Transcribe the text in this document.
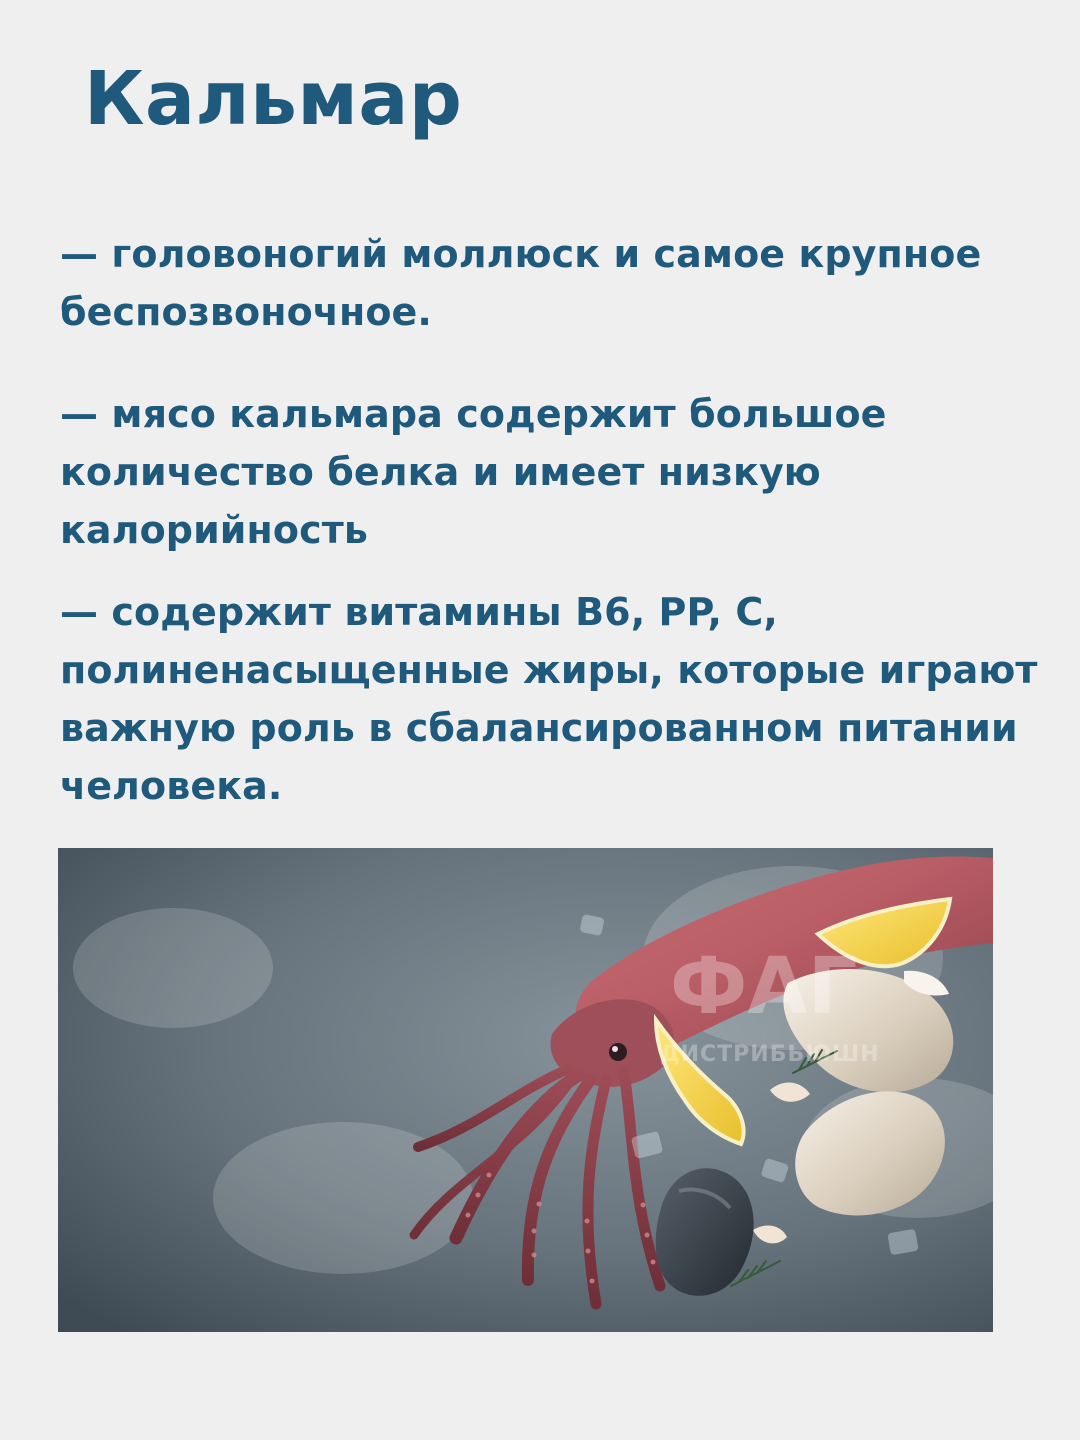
Кальмар

— головоногий моллюск и самое крупное беспозвоночное.

— мясо кальмара содержит большое количество белка и имеет низкую калорийность

— содержит витамины B6, PP, C, полиненасыщенные жиры, которые играют важную роль в сбалансированном питании человека.

ФАГ
ДИСТРИБЬЮШН
